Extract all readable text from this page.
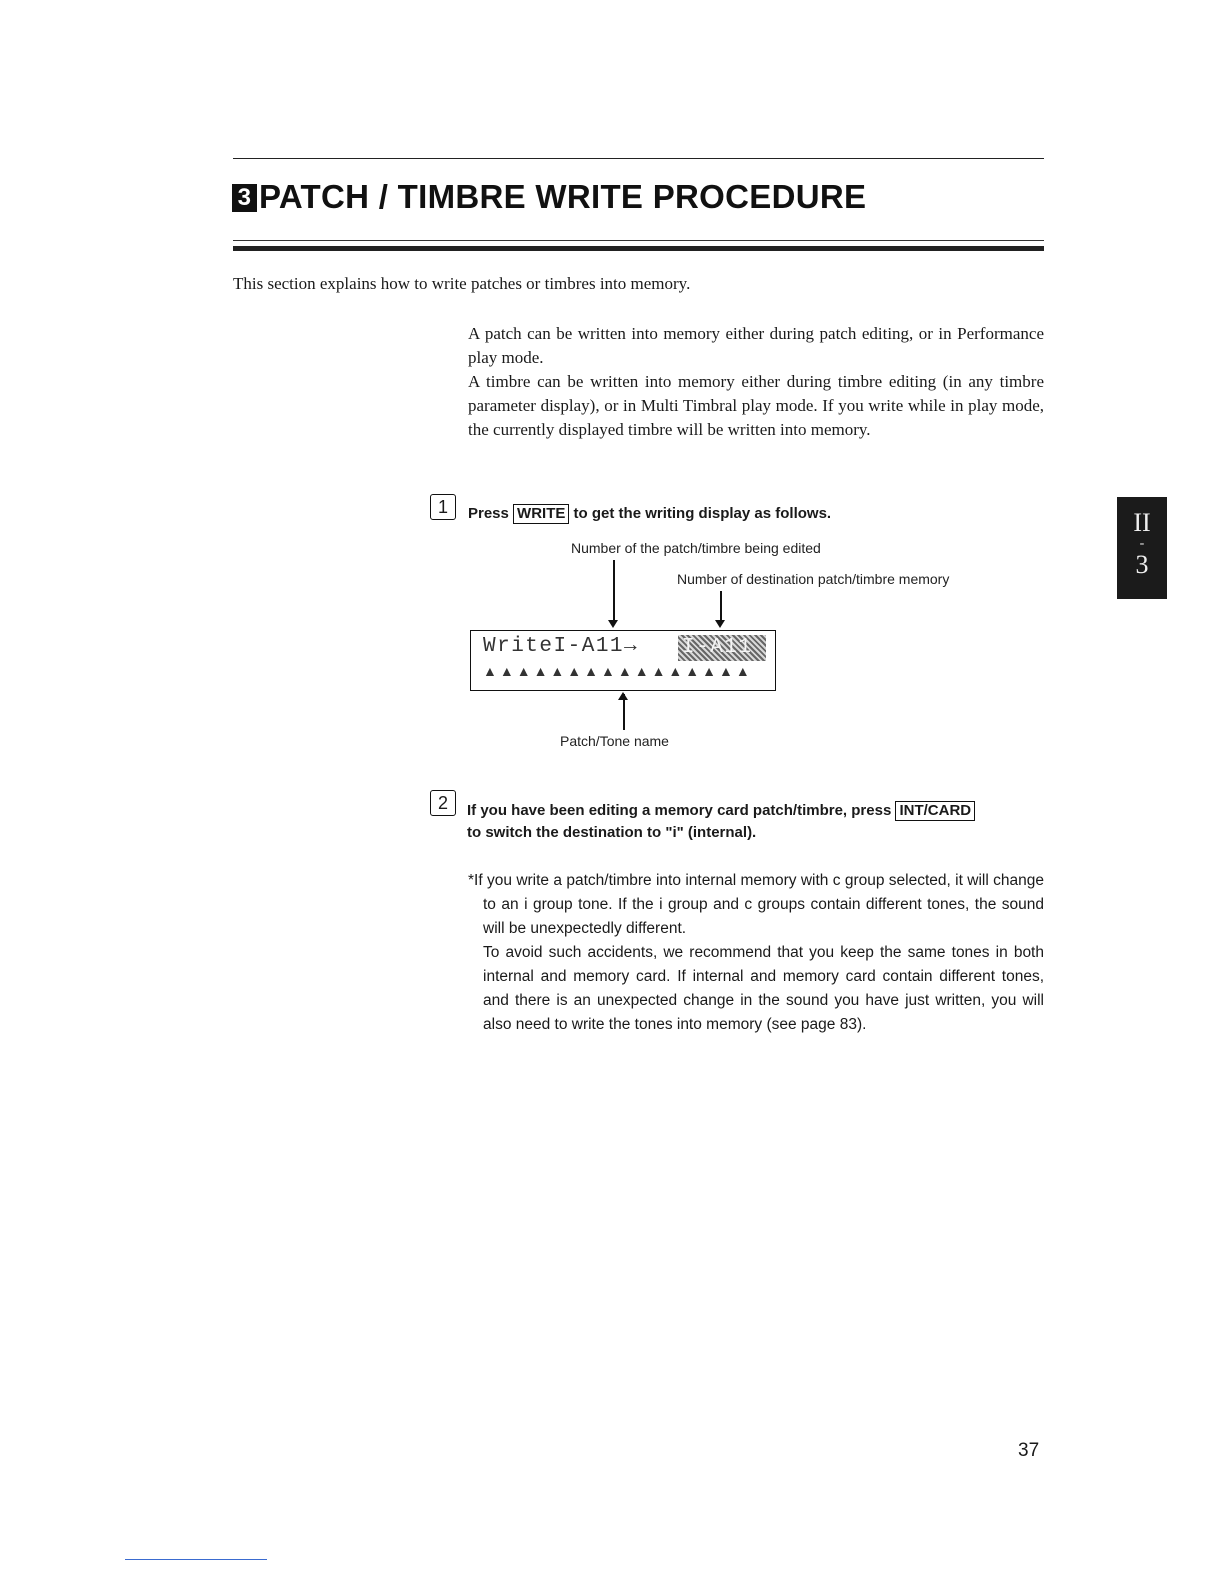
3 PATCH / TIMBRE WRITE PROCEDURE
This section explains how to write patches or timbres into memory.
A patch can be written into memory either during patch editing, or in Performance play mode.
A timbre can be written into memory either during timbre editing (in any timbre parameter display), or in Multi Timbral play mode. If you write while in play mode, the currently displayed timbre will be written into memory.
1	Press WRITE to get the writing display as follows.
Number of the patch/timbre being edited
Number of destination patch/timbre memory
WriteI-A11→ I-A11
▲▲▲▲▲▲▲▲▲▲▲▲▲▲▲▲
Patch/Tone name
2	If you have been editing a memory card patch/timbre, press INT/CARD
to switch the destination to "i" (internal).

*If you write a patch/timbre into internal memory with c group selected, it will change to an i group tone. If the i group and c groups contain different tones, the sound will be unexpectedly different.

To avoid such accidents, we recommend that you keep the same tones in both internal and memory card. If internal and memory card contain different tones, and there is an unexpected change in the sound you have just written, you will also need to write the tones into memory (see page 83).

II
-
3
37
